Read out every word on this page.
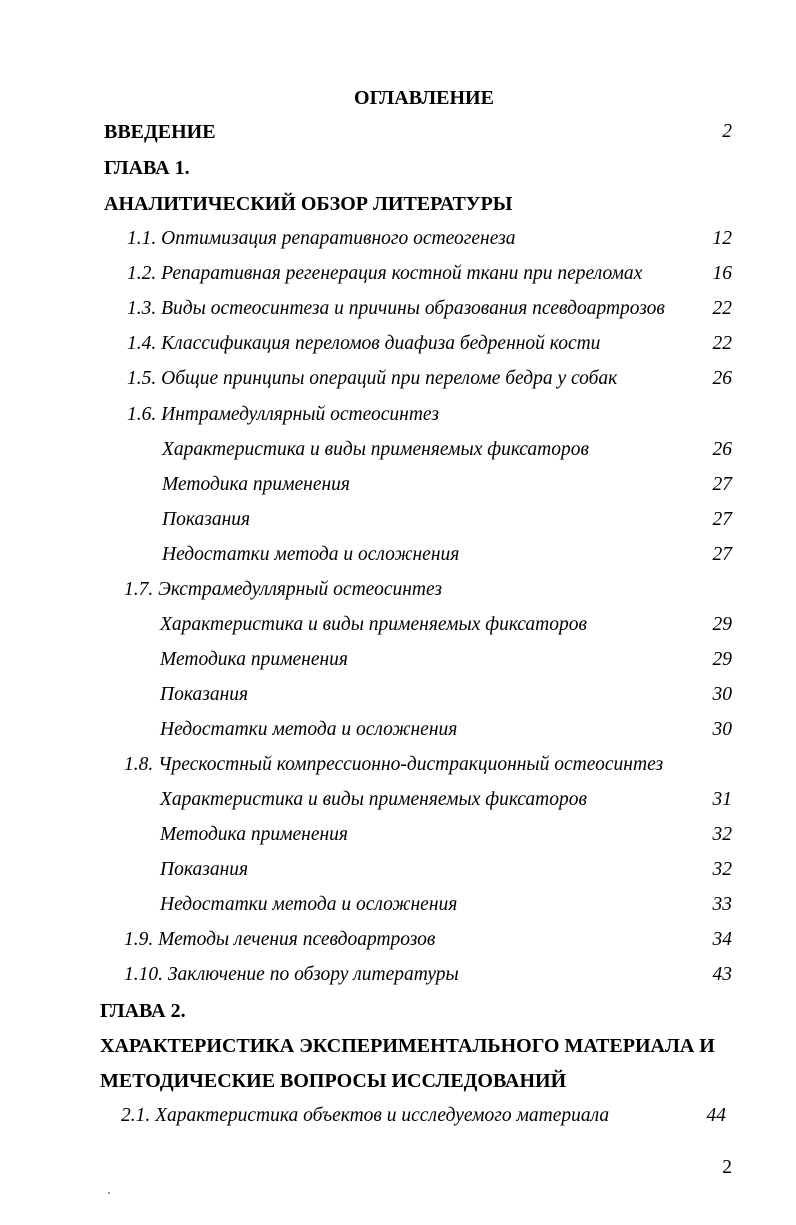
ОГЛАВЛЕНИЕ
ВВЕДЕНИЕ	2
ГЛАВА 1.
АНАЛИТИЧЕСКИЙ ОБЗОР ЛИТЕРАТУРЫ
1.1. Оптимизация репаративного остеогенеза	12
1.2. Репаративная регенерация костной ткани при переломах	16
1.3. Виды остеосинтеза и причины образования псевдоартрозов 22
1.4. Классификация переломов диафиза бедренной кости	22
1.5. Общие принципы операций при переломе бедра у собак	26
1.6. Интрамедуллярный остеосинтез
Характеристика и виды применяемых фиксаторов	26
Методика применения	27
Показания	27
Недостатки метода и осложнения	27
1.7. Экстрамедуллярный остеосинтез
Характеристика и виды применяемых фиксаторов	29
Методика применения	29
Показания	30
Недостатки метода и осложнения	30
1.8. Чрескостный компрессионно-дистракционный остеосинтез
Характеристика и виды применяемых фиксаторов	31
Методика применения	32
Показания	32
Недостатки метода и осложнения	33
1.9. Методы лечения псевдоартрозов	34
1.10. Заключение по обзору литературы	43
ГЛАВА 2.
ХАРАКТЕРИСТИКА ЭКСПЕРИМЕНТАЛЬНОГО МАТЕРИАЛА И
МЕТОДИЧЕСКИЕ ВОПРОСЫ ИССЛЕДОВАНИЙ
2.1. Характеристика объектов и исследуемого материала	44
2
